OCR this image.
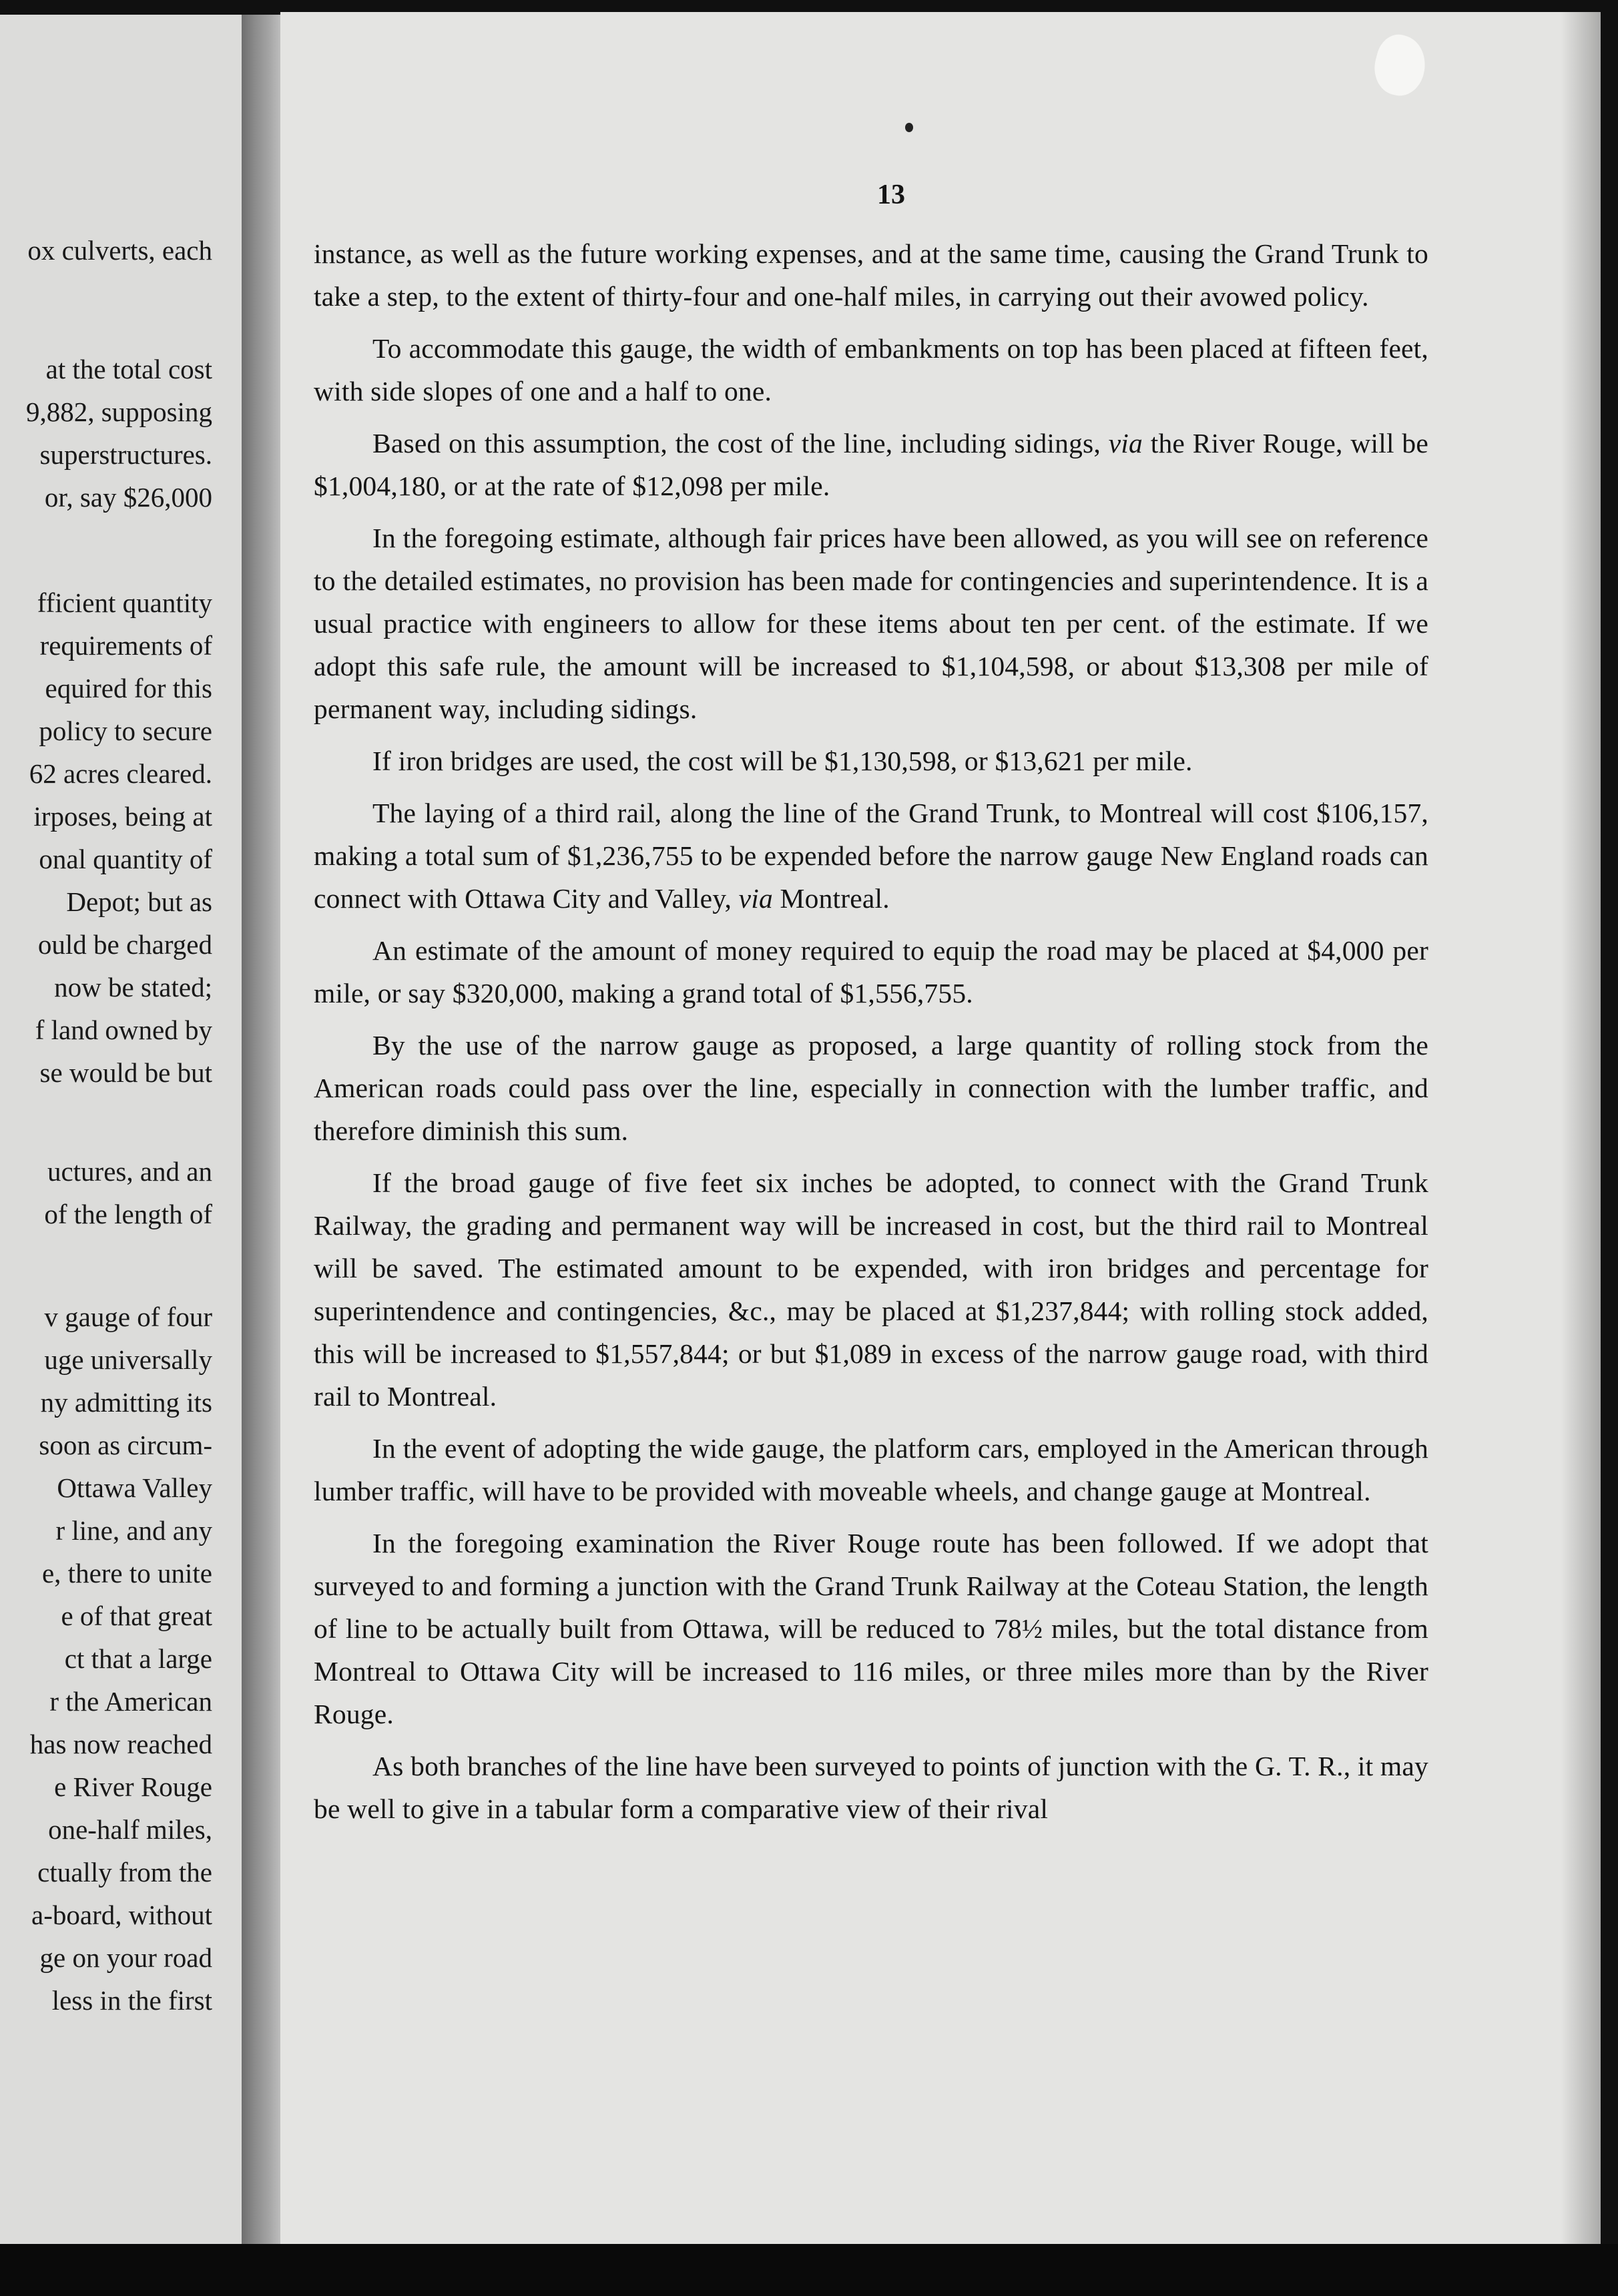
ox culverts, each
at the total cost
9,882, supposing
superstructures.
or, say $26,000
fficient quantity
requirements of
equired for this
policy to secure
62 acres cleared.
irposes, being at
onal quantity of
Depot; but as
ould be charged
now be stated;
f land owned by
se would be but
uctures, and an
of the length of
v gauge of four
uge universally
ny admitting its
soon as circum-
Ottawa Valley
r line, and any
e, there to unite
e of that great
ct that a large
r the American
has now reached
e River Rouge
one-half miles,
ctually from the
a-board, without
ge on your road
less in the first
13

instance, as well as the future working expenses, and at the same time, causing the Grand Trunk to take a step, to the extent of thirty-four and one-half miles, in carrying out their avowed policy.

To accommodate this gauge, the width of embankments on top has been placed at fifteen feet, with side slopes of one and a half to one.

Based on this assumption, the cost of the line, including sidings, via the River Rouge, will be $1,004,180, or at the rate of $12,098 per mile.

In the foregoing estimate, although fair prices have been allowed, as you will see on reference to the detailed estimates, no provision has been made for contingencies and superintendence. It is a usual practice with engineers to allow for these items about ten per cent. of the estimate. If we adopt this safe rule, the amount will be increased to $1,104,598, or about $13,308 per mile of permanent way, including sidings.

If iron bridges are used, the cost will be $1,130,598, or $13,621 per mile.

The laying of a third rail, along the line of the Grand Trunk, to Montreal will cost $106,157, making a total sum of $1,236,755 to be expended before the narrow gauge New England roads can connect with Ottawa City and Valley, via Montreal.

An estimate of the amount of money required to equip the road may be placed at $4,000 per mile, or say $320,000, making a grand total of $1,556,755.

By the use of the narrow gauge as proposed, a large quantity of rolling stock from the American roads could pass over the line, especially in connection with the lumber traffic, and therefore diminish this sum.

If the broad gauge of five feet six inches be adopted, to connect with the Grand Trunk Railway, the grading and permanent way will be increased in cost, but the third rail to Montreal will be saved. The estimated amount to be expended, with iron bridges and percentage for superintendence and contingencies, &c., may be placed at $1,237,844; with rolling stock added, this will be increased to $1,557,844; or but $1,089 in excess of the narrow gauge road, with third rail to Montreal.

In the event of adopting the wide gauge, the platform cars, employed in the American through lumber traffic, will have to be provided with moveable wheels, and change gauge at Montreal.

In the foregoing examination the River Rouge route has been followed. If we adopt that surveyed to and forming a junction with the Grand Trunk Railway at the Coteau Station, the length of line to be actually built from Ottawa, will be reduced to 78½ miles, but the total distance from Montreal to Ottawa City will be increased to 116 miles, or three miles more than by the River Rouge.

As both branches of the line have been surveyed to points of junction with the G. T. R., it may be well to give in a tabular form a comparative view of their rival
